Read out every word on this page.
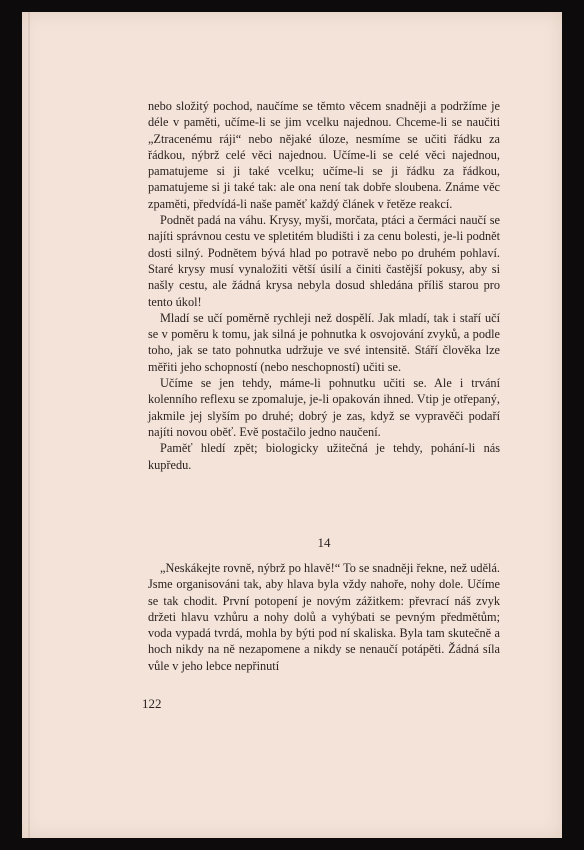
nebo složitý pochod, naučíme se těmto věcem snadněji a podržíme je déle v paměti, učíme-li se jim vcelku najednou. Chceme-li se naučiti „Ztracenému ráji“ nebo nějaké úloze, nesmíme se učiti řádku za řádkou, nýbrž celé věci najednou. Učíme-li se celé věci najednou, pamatujeme si ji také vcelku; učíme-li se ji řádku za řádkou, pamatujeme si ji také tak: ale ona není tak dobře sloubena. Známe věc zpaměti, předvídá-li naše paměť každý článek v řetěze reakcí.

Podnět padá na váhu. Krysy, myši, morčata, ptáci a čermáci naučí se najíti správnou cestu ve spletitém bludišti i za cenu bolesti, je-li podnět dosti silný. Podnětem bývá hlad po potravě nebo po druhém pohlaví. Staré krysy musí vynaložiti větší úsilí a činiti častější pokusy, aby si našly cestu, ale žádná krysa nebyla dosud shledána příliš starou pro tento úkol!

Mladí se učí poměrně rychleji než dospělí. Jak mladí, tak i staří učí se v poměru k tomu, jak silná je pohnutka k osvojování zvyků, a podle toho, jak se tato pohnutka udržuje ve své intensitě. Stáří člověka lze měřiti jeho schopností (nebo neschopností) učiti se.

Učíme se jen tehdy, máme-li pohnutku učiti se. Ale i trvání kolenního reflexu se zpomaluje, je-li opakován ihned. Vtip je otřepaný, jakmile jej slyším po druhé; dobrý je zas, když se vypravěči podaří najíti novou oběť. Evě postačilo jedno naučení.

Paměť hledí zpět; biologicky užitečná je tehdy, pohání-li nás kupředu.

14

„Neskákejte rovně, nýbrž po hlavě!“ To se snadněji řekne, než udělá. Jsme organisováni tak, aby hlava byla vždy nahoře, nohy dole. Učíme se tak chodit. První potopení je novým zážitkem: převrací náš zvyk držeti hlavu vzhůru a nohy dolů a vyhýbati se pevným předmětům; voda vypadá tvrdá, mohla by býti pod ní skaliska. Byla tam skutečně a hoch nikdy na ně nezapomene a nikdy se nenaučí potápěti. Žádná síla vůle v jeho lebce nepřinutí

122
